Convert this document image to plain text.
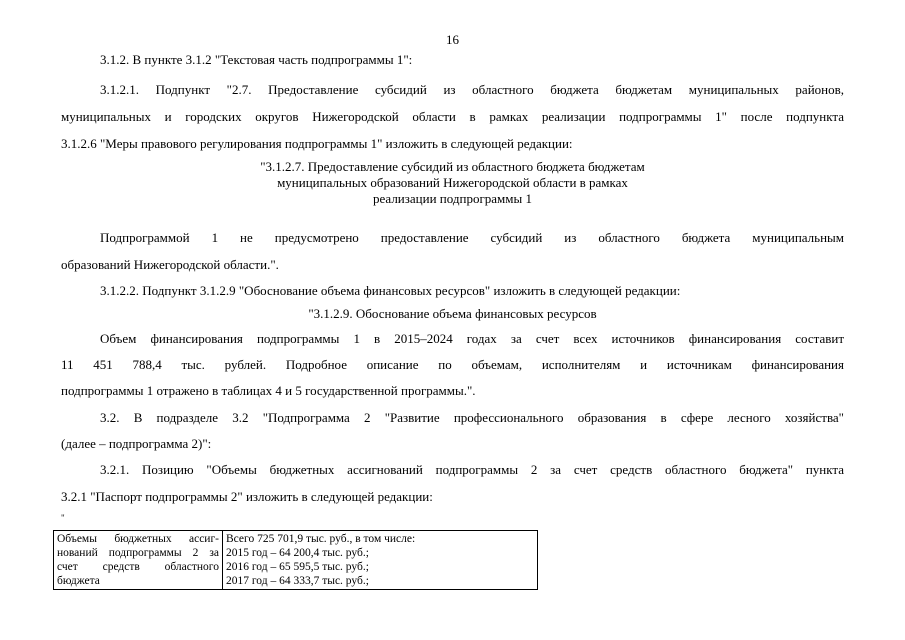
16
3.1.2. В пункте 3.1.2 "Текстовая часть подпрограммы 1":
3.1.2.1. Подпункт "2.7. Предоставление субсидий из областного бюджета бюджетам муниципальных районов,
муниципальных и городских округов Нижегородской области в рамках реализации подпрограммы 1" после подпункта
3.1.2.6 "Меры правового регулирования подпрограммы 1" изложить в следующей редакции:
"3.1.2.7. Предоставление субсидий из областного бюджета бюджетам
муниципальных образований Нижегородской области в рамках
реализации подпрограммы 1
Подпрограммой 1 не предусмотрено предоставление субсидий из областного бюджета муниципальным
образований Нижегородской области.".
3.1.2.2. Подпункт 3.1.2.9 "Обоснование объема финансовых ресурсов" изложить в следующей редакции:
"3.1.2.9. Обоснование объема финансовых ресурсов
Объем финансирования подпрограммы 1 в 2015–2024 годах за счет всех источников финансирования составит
11 451 788,4 тыс. рублей. Подробное описание по объемам, исполнителям и источникам финансирования
подпрограммы 1 отражено в таблицах 4 и 5 государственной программы.".
3.2. В подразделе 3.2 "Подпрограмма 2 "Развитие профессионального образования в сфере лесного хозяйства"
(далее – подпрограмма 2)":
3.2.1. Позицию "Объемы бюджетных ассигнований подпрограммы 2 за счет средств областного бюджета" пункта
3.2.1 "Паспорт подпрограммы 2" изложить в следующей редакции:
"
Объемы бюджетных ассиг-
нований подпрограммы 2 за
счет средств областного
бюджета

Всего 725 701,9 тыс. руб., в том числе:
2015 год – 64 200,4 тыс. руб.;
2016 год – 65 595,5 тыс. руб.;
2017 год – 64 333,7 тыс. руб.;
